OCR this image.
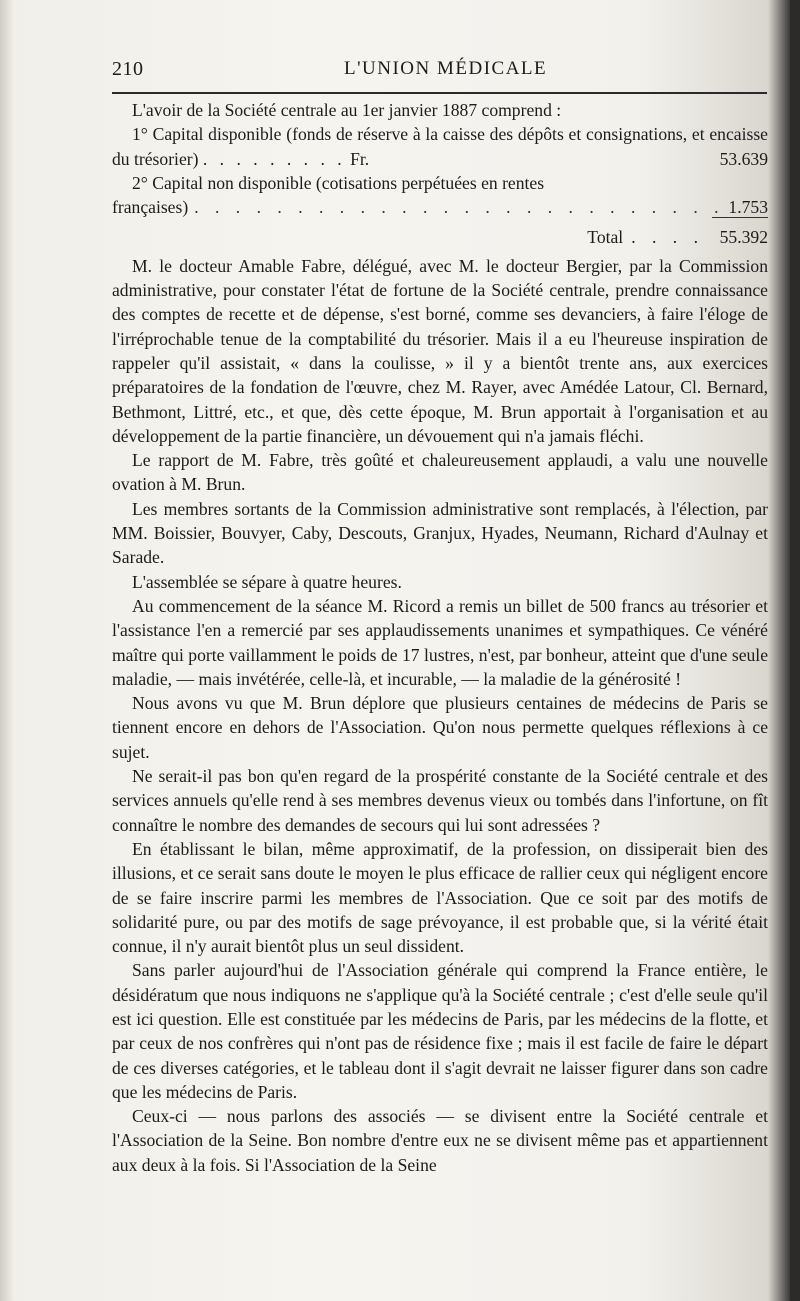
210	L'UNION MÉDICALE

L'avoir de la Société centrale au 1er janvier 1887 comprend :

1° Capital disponible (fonds de réserve à la caisse des dépôts et consignations, et encaisse du trésorier) . . . . . . . . . Fr.	53.639

2° Capital non disponible (cotisations perpétuées en rentes

françaises) . . . . . . . . . . . . . . . . . . . . . . . . . . 1.753
Total . . . . 55.392

M. le docteur Amable Fabre, délégué, avec M. le docteur Bergier, par la Commission administrative, pour constater l'état de fortune de la Société centrale, prendre connaissance des comptes de recette et de dépense, s'est borné, comme ses devanciers, à faire l'éloge de l'irréprochable tenue de la comptabilité du trésorier. Mais il a eu l'heureuse inspiration de rappeler qu'il assistait, « dans la coulisse, » il y a bientôt trente ans, aux exercices préparatoires de la fondation de l'œuvre, chez M. Rayer, avec Amédée Latour, Cl. Bernard, Bethmont, Littré, etc., et que, dès cette époque, M. Brun apportait à l'organisation et au développement de la partie financière, un dévouement qui n'a jamais fléchi.

Le rapport de M. Fabre, très goûté et chaleureusement applaudi, a valu une nouvelle ovation à M. Brun.

Les membres sortants de la Commission administrative sont remplacés, à l'élection, par MM. Boissier, Bouvyer, Caby, Descouts, Granjux, Hyades, Neumann, Richard d'Aulnay et Sarade.

L'assemblée se sépare à quatre heures.

Au commencement de la séance M. Ricord a remis un billet de 500 francs au trésorier et l'assistance l'en a remercié par ses applaudissements unanimes et sympathiques. Ce vénéré maître qui porte vaillamment le poids de 17 lustres, n'est, par bonheur, atteint que d'une seule maladie, — mais invétérée, celle-là, et incurable, — la maladie de la générosité !

Nous avons vu que M. Brun déplore que plusieurs centaines de médecins de Paris se tiennent encore en dehors de l'Association. Qu'on nous permette quelques réflexions à ce sujet.

Ne serait-il pas bon qu'en regard de la prospérité constante de la Société centrale et des services annuels qu'elle rend à ses membres devenus vieux ou tombés dans l'infortune, on fît connaître le nombre des demandes de secours qui lui sont adressées ?

En établissant le bilan, même approximatif, de la profession, on dissiperait bien des illusions, et ce serait sans doute le moyen le plus efficace de rallier ceux qui négligent encore de se faire inscrire parmi les membres de l'Association. Que ce soit par des motifs de solidarité pure, ou par des motifs de sage prévoyance, il est probable que, si la vérité était connue, il n'y aurait bientôt plus un seul dissident.

Sans parler aujourd'hui de l'Association générale qui comprend la France entière, le désidératum que nous indiquons ne s'applique qu'à la Société centrale ; c'est d'elle seule qu'il est ici question. Elle est constituée par les médecins de Paris, par les médecins de la flotte, et par ceux de nos confrères qui n'ont pas de résidence fixe ; mais il est facile de faire le départ de ces diverses catégories, et le tableau dont il s'agit devrait ne laisser figurer dans son cadre que les médecins de Paris.

Ceux-ci — nous parlons des associés — se divisent entre la Société centrale et l'Association de la Seine. Bon nombre d'entre eux ne se divisent même pas et appartiennent aux deux à la fois. Si l'Association de la Seine
